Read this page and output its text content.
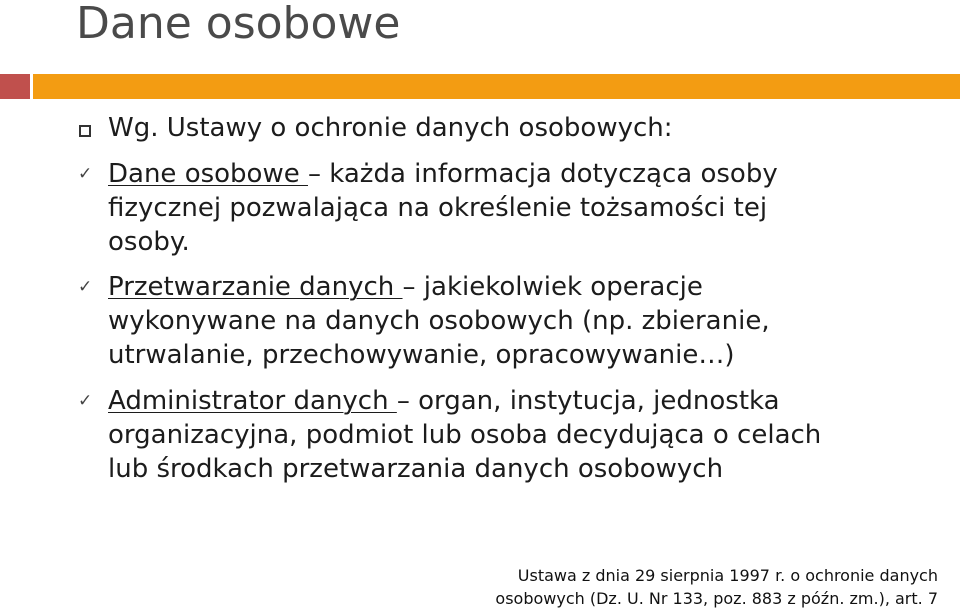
Dane osobowe
Wg. Ustawy o ochronie danych osobowych:
✓ Dane osobowe – każda informacja dotycząca osoby
fizycznej pozwalająca na określenie tożsamości tej
osoby.
✓ Przetwarzanie danych – jakiekolwiek operacje
wykonywane na danych osobowych (np. zbieranie,
utrwalanie, przechowywanie, opracowywanie…)
✓ Administrator danych – organ, instytucja, jednostka
organizacyjna, podmiot lub osoba decydująca o celach
lub środkach przetwarzania danych osobowych
Ustawa z dnia 29 sierpnia 1997 r. o ochronie danych
osobowych (Dz. U. Nr 133, poz. 883 z późn. zm.), art. 7
